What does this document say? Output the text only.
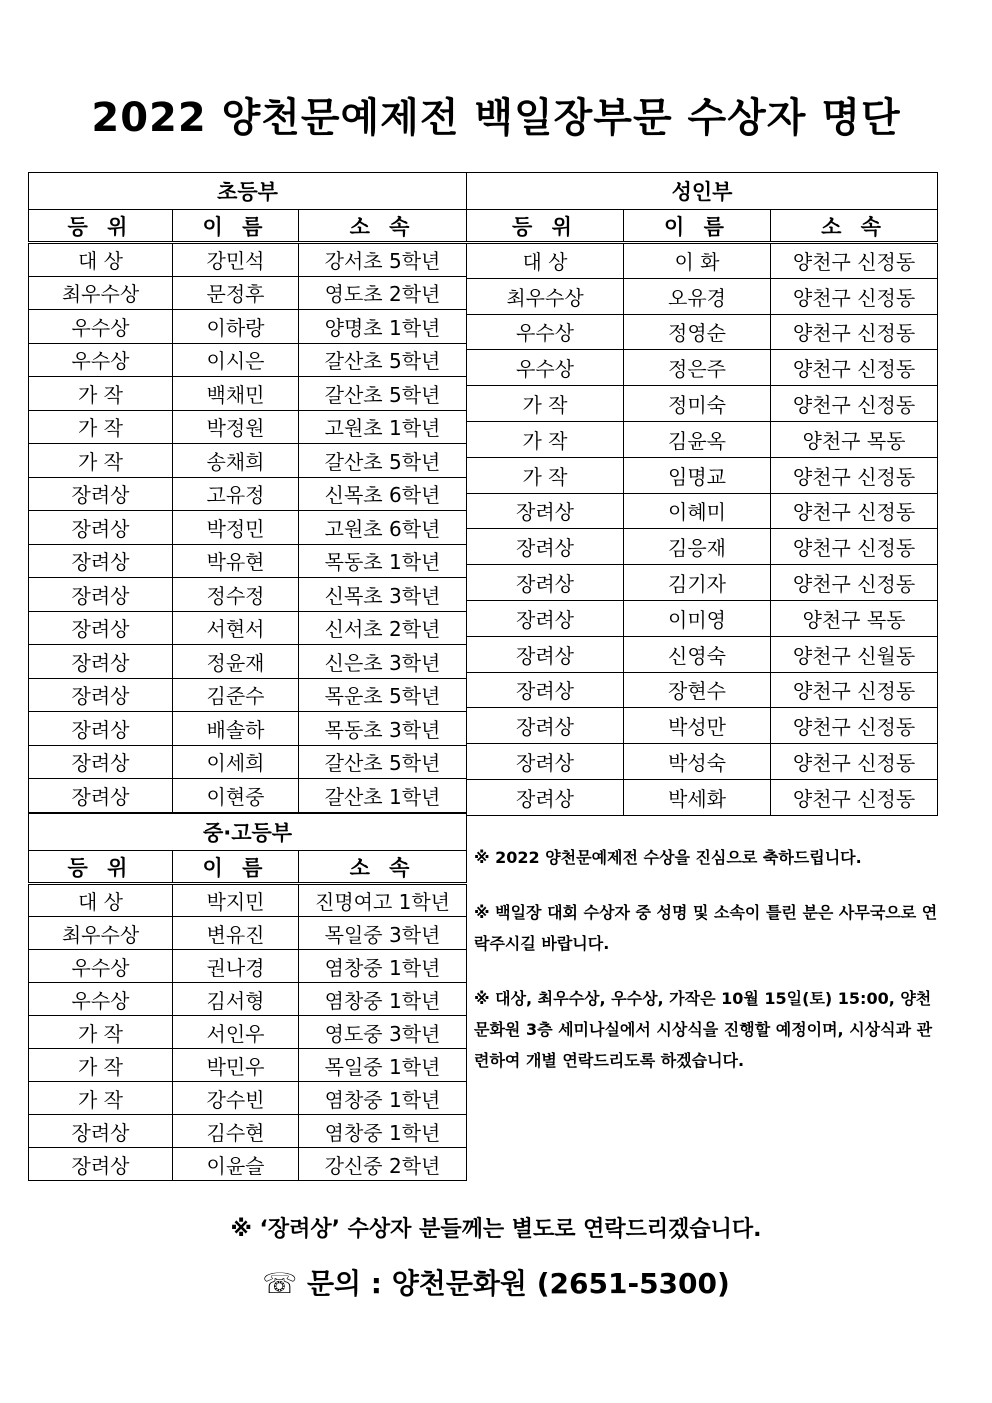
2022 양천문예제전 백일장부문 수상자 명단
초등부		
등 위	이 름	소 속
대 상	강민석	강서초 5학년
최우수상	문정후	영도초 2학년
우수상	이하랑	양명초 1학년
우수상	이시은	갈산초 5학년
가 작	백채민	갈산초 5학년
가 작	박정원	고원초 1학년
가 작	송채희	갈산초 5학년
장려상	고유정	신목초 6학년
장려상	박정민	고원초 6학년
장려상	박유현	목동초 1학년
장려상	정수정	신목초 3학년
장려상	서현서	신서초 2학년
장려상	정윤재	신은초 3학년
장려상	김준수	목운초 5학년
장려상	배솔하	목동초 3학년
장려상	이세희	갈산초 5학년
장려상	이현중	갈산초 1학년
성인부		
등 위	이 름	소 속
대 상	이 화	양천구 신정동
최우수상	오유경	양천구 신정동
우수상	정영순	양천구 신정동
우수상	정은주	양천구 신정동
가 작	정미숙	양천구 신정동
가 작	김윤옥	양천구 목동
가 작	임명교	양천구 신정동
장려상	이혜미	양천구 신정동
장려상	김응재	양천구 신정동
장려상	김기자	양천구 신정동
장려상	이미영	양천구 목동
장려상	신영숙	양천구 신월동
장려상	장현수	양천구 신정동
장려상	박성만	양천구 신정동
장려상	박성숙	양천구 신정동
장려상	박세화	양천구 신정동
중·고등부		
등 위	이 름	소 속
대 상	박지민	진명여고 1학년
최우수상	변유진	목일중 3학년
우수상	권나경	염창중 1학년
우수상	김서형	염창중 1학년
가 작	서인우	영도중 3학년
가 작	박민우	목일중 1학년
가 작	강수빈	염창중 1학년
장려상	김수현	염창중 1학년
장려상	이윤슬	강신중 2학년

※ 2022 양천문예제전 수상을 진심으로 축하드립니다.

※ 백일장 대회 수상자 중 성명 및 소속이 틀린 분은 사무국으로 연락주시길 바랍니다.

※ 대상, 최우수상, 우수상, 가작은 10월 15일(토) 15:00, 양천문화원 3층 세미나실에서 시상식을 진행할 예정이며, 시상식과 관련하여 개별 연락드리도록 하겠습니다.

※ ‘장려상’ 수상자 분들께는 별도로 연락드리겠습니다.
☏ 문의 : 양천문화원 (2651-5300)
